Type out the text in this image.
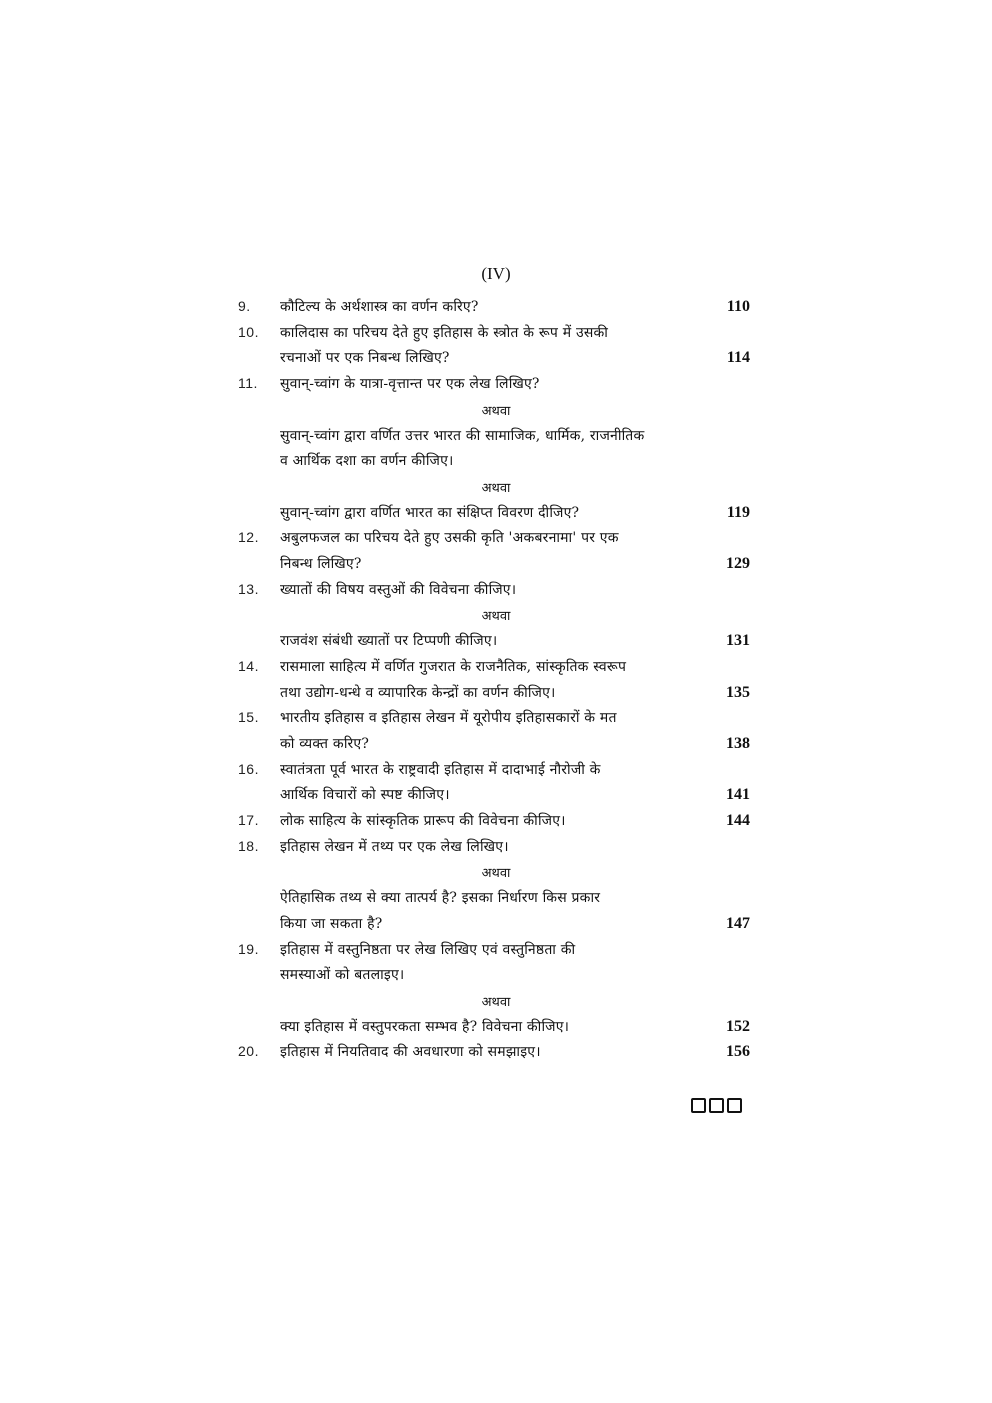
(IV)
9.	कौटिल्य के अर्थशास्त्र का वर्णन करिए?	110
10.	कालिदास का परिचय देते हुए इतिहास के स्त्रोत के रूप में उसकी
रचनाओं पर एक निबन्ध लिखिए?	114
11.	सुवान्-च्वांग के यात्रा-वृत्तान्त पर एक लेख लिखिए?
अथवा
सुवान्-च्वांग द्वारा वर्णित उत्तर भारत की सामाजिक, धार्मिक, राजनीतिक
व आर्थिक दशा का वर्णन कीजिए।
अथवा
सुवान्-च्वांग द्वारा वर्णित भारत का संक्षिप्त विवरण दीजिए?	119
12.	अबुलफजल का परिचय देते हुए उसकी कृति 'अकबरनामा' पर एक
निबन्ध लिखिए?	129
13.	ख्यातों की विषय वस्तुओं की विवेचना कीजिए।
अथवा
राजवंश संबंधी ख्यातों पर टिप्पणी कीजिए।	131
14.	रासमाला साहित्य में वर्णित गुजरात के राजनैतिक, सांस्कृतिक स्वरूप
तथा उद्योग-धन्धे व व्यापारिक केन्द्रों का वर्णन कीजिए।	135
15.	भारतीय इतिहास व इतिहास लेखन में यूरोपीय इतिहासकारों के मत
को व्यक्त करिए?	138
16.	स्वातंत्रता पूर्व भारत के राष्ट्रवादी इतिहास में दादाभाई नौरोजी के
आर्थिक विचारों को स्पष्ट कीजिए।	141
17.	लोक साहित्य के सांस्कृतिक प्रारूप की विवेचना कीजिए।	144
18.	इतिहास लेखन में तथ्य पर एक लेख लिखिए।
अथवा
ऐतिहासिक तथ्य से क्या तात्पर्य है? इसका निर्धारण किस प्रकार
किया जा सकता है?	147
19.	इतिहास में वस्तुनिष्ठता पर लेख लिखिए एवं वस्तुनिष्ठता की
समस्याओं को बतलाइए।
अथवा
क्या इतिहास में वस्तुपरकता सम्भव है? विवेचना कीजिए।	152
20.	इतिहास में नियतिवाद की अवधारणा को समझाइए।	156
